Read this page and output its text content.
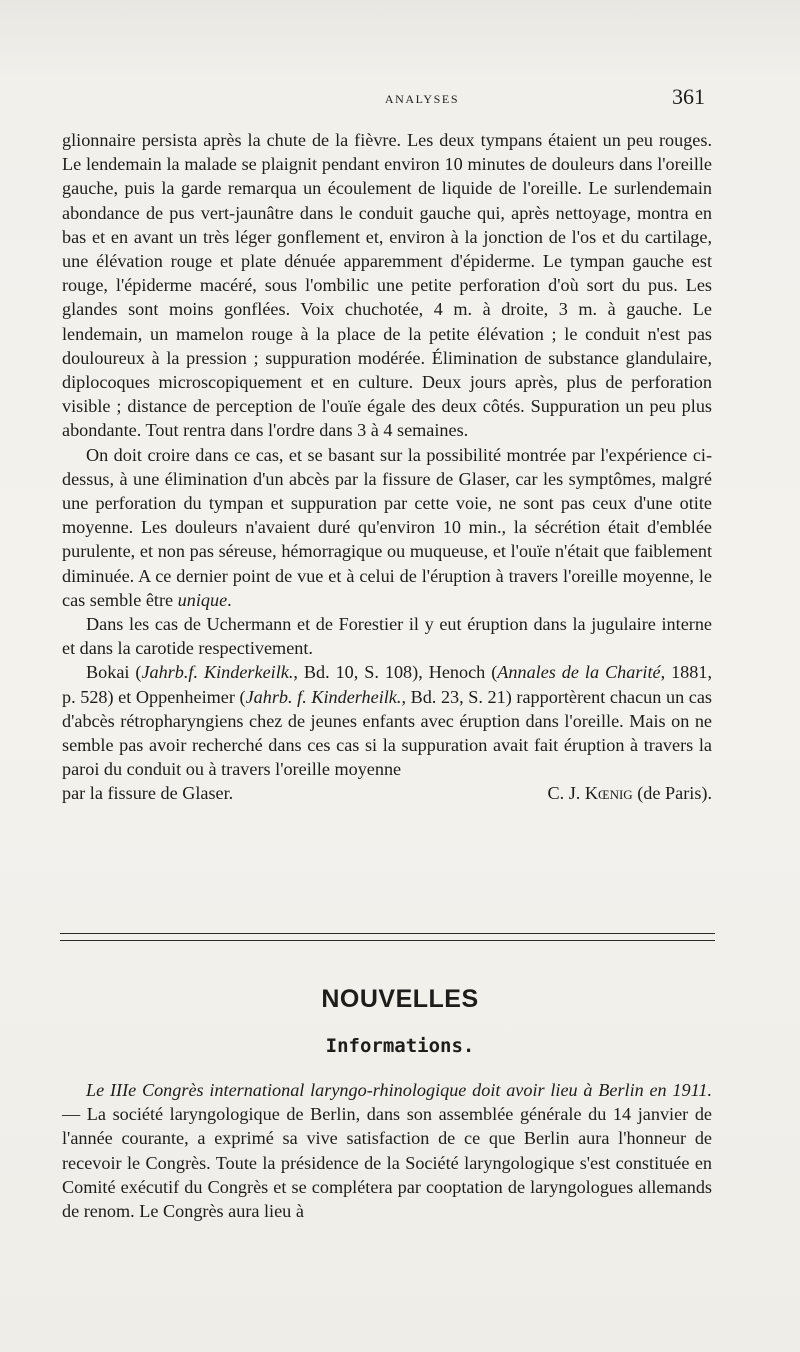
ANALYSES	361

glionnaire persista après la chute de la fièvre. Les deux tympans étaient un peu rouges. Le lendemain la malade se plaignit pendant environ 10 minutes de douleurs dans l'oreille gauche, puis la garde remarqua un écoulement de liquide de l'oreille. Le surlendemain abondance de pus vert-jaunâtre dans le conduit gauche qui, après nettoyage, montra en bas et en avant un très léger gonflement et, environ à la jonction de l'os et du cartilage, une élévation rouge et plate dénuée apparemment d'épiderme. Le tympan gauche est rouge, l'épiderme macéré, sous l'ombilic une petite perforation d'où sort du pus. Les glandes sont moins gonflées. Voix chuchotée, 4 m. à droite, 3 m. à gauche. Le lendemain, un mamelon rouge à la place de la petite élévation ; le conduit n'est pas douloureux à la pression ; suppuration modérée. Élimination de substance glandulaire, diplocoques microscopiquement et en culture. Deux jours après, plus de perforation visible ; distance de perception de l'ouïe égale des deux côtés. Suppuration un peu plus abondante. Tout rentra dans l'ordre dans 3 à 4 semaines.

On doit croire dans ce cas, et se basant sur la possibilité montrée par l'expérience ci-dessus, à une élimination d'un abcès par la fissure de Glaser, car les symptômes, malgré une perforation du tympan et suppuration par cette voie, ne sont pas ceux d'une otite moyenne. Les douleurs n'avaient duré qu'environ 10 min., la sécrétion était d'emblée purulente, et non pas séreuse, hémorragique ou muqueuse, et l'ouïe n'était que faiblement diminuée. A ce dernier point de vue et à celui de l'éruption à travers l'oreille moyenne, le cas semble être unique.

Dans les cas de Uchermann et de Forestier il y eut éruption dans la jugulaire interne et dans la carotide respectivement.

Bokai (Jahrb.f. Kinderkeilk., Bd. 10, S. 108), Henoch (Annales de la Charité, 1881, p. 528) et Oppenheimer (Jahrb. f. Kinderheilk., Bd. 23, S. 21) rapportèrent chacun un cas d'abcès rétropharyngiens chez de jeunes enfants avec éruption dans l'oreille. Mais on ne semble pas avoir recherché dans ces cas si la suppuration avait fait éruption à travers la paroi du conduit ou à travers l'oreille moyenne

par la fissure de Glaser.	C. J. Kœnig (de Paris).
NOUVELLES
Informations.

Le IIIe Congrès international laryngo-rhinologique doit avoir lieu à Berlin en 1911. — La société laryngologique de Berlin, dans son assemblée générale du 14 janvier de l'année courante, a exprimé sa vive satisfaction de ce que Berlin aura l'honneur de recevoir le Congrès. Toute la présidence de la Société laryngologique s'est constituée en Comité exécutif du Congrès et se complétera par cooptation de laryngologues allemands de renom. Le Congrès aura lieu à
